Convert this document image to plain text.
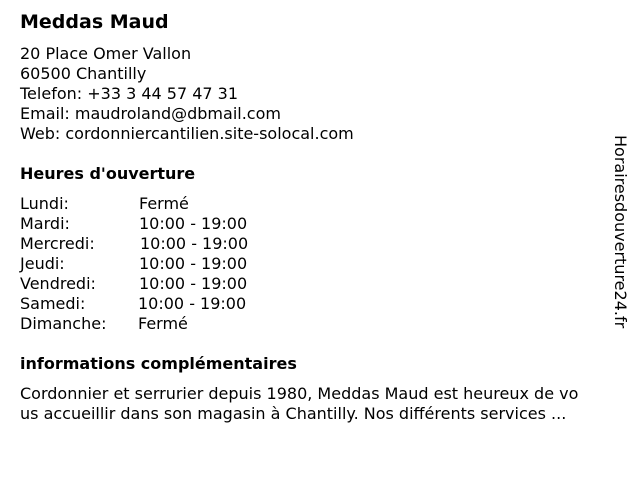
Meddas Maud
20 Place Omer Vallon
60500 Chantilly
Telefon: +33 3 44 57 47 31
Email: maudroland@dbmail.com
Web: cordonniercantilien.site-solocal.com
Heures d'ouverture
Lundi:	Fermé
Mardi:	10:00 - 19:00
Mercredi:	10:00 - 19:00
Jeudi:	10:00 - 19:00
Vendredi:	10:00 - 19:00
Samedi:	10:00 - 19:00
Dimanche: Fermé
informations complémentaires
Cordonnier et serrurier depuis 1980, Meddas Maud est heureux de vo
us accueillir dans son magasin à Chantilly. Nos différents services ...
Horairesdouverture24.fr
